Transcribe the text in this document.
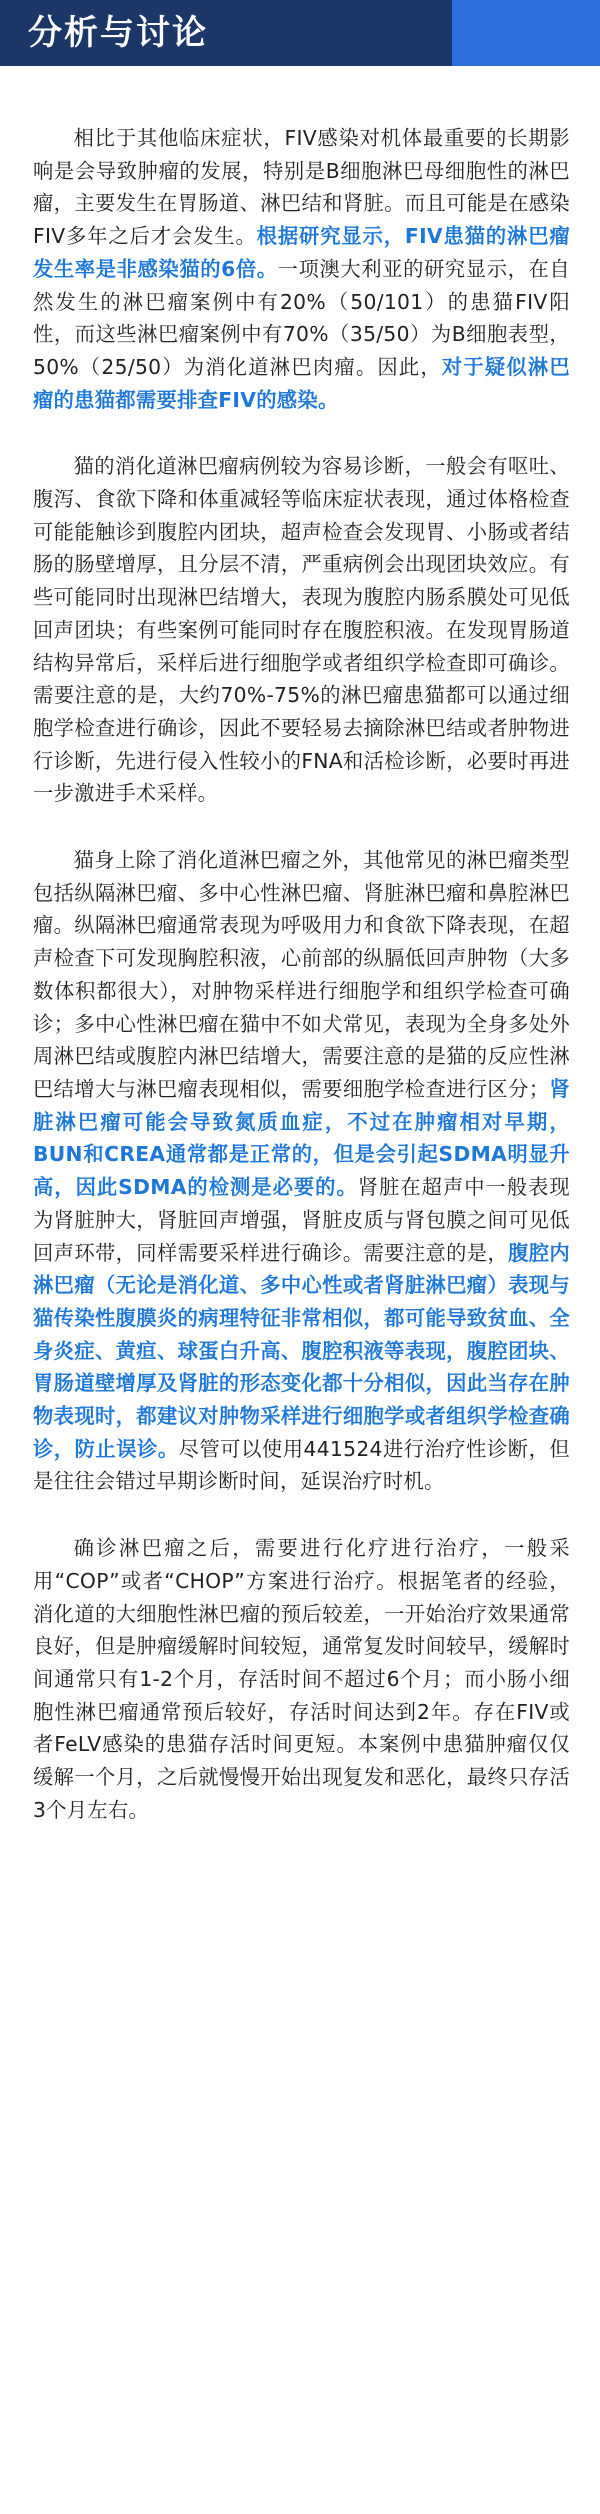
分析与讨论

相比于其他临床症状，FIV感染对机体最重要的长期影响是会导致肿瘤的发展，特别是B细胞淋巴母细胞性的淋巴瘤，主要发生在胃肠道、淋巴结和肾脏。而且可能是在感染FIV多年之后才会发生。根据研究显示，FIV患猫的淋巴瘤发生率是非感染猫的6倍。一项澳大利亚的研究显示，在自然发生的淋巴瘤案例中有20%（50/101）的患猫FIV阳性，而这些淋巴瘤案例中有70%（35/50）为B细胞表型，50%（25/50）为消化道淋巴肉瘤。因此，对于疑似淋巴瘤的患猫都需要排查FIV的感染。

猫的消化道淋巴瘤病例较为容易诊断，一般会有呕吐、腹泻、食欲下降和体重减轻等临床症状表现，通过体格检查可能能触诊到腹腔内团块，超声检查会发现胃、小肠或者结肠的肠壁增厚，且分层不清，严重病例会出现团块效应。有些可能同时出现淋巴结增大，表现为腹腔内肠系膜处可见低回声团块；有些案例可能同时存在腹腔积液。在发现胃肠道结构异常后，采样后进行细胞学或者组织学检查即可确诊。需要注意的是，大约70%-75%的淋巴瘤患猫都可以通过细胞学检查进行确诊，因此不要轻易去摘除淋巴结或者肿物进行诊断，先进行侵入性较小的FNA和活检诊断，必要时再进一步激进手术采样。

猫身上除了消化道淋巴瘤之外，其他常见的淋巴瘤类型包括纵隔淋巴瘤、多中心性淋巴瘤、肾脏淋巴瘤和鼻腔淋巴瘤。纵隔淋巴瘤通常表现为呼吸用力和食欲下降表现，在超声检查下可发现胸腔积液，心前部的纵膈低回声肿物（大多数体积都很大），对肿物采样进行细胞学和组织学检查可确诊；多中心性淋巴瘤在猫中不如犬常见，表现为全身多处外周淋巴结或腹腔内淋巴结增大，需要注意的是猫的反应性淋巴结增大与淋巴瘤表现相似，需要细胞学检查进行区分；肾脏淋巴瘤可能会导致氮质血症，不过在肿瘤相对早期，BUN和CREA通常都是正常的，但是会引起SDMA明显升高，因此SDMA的检测是必要的。肾脏在超声中一般表现为肾脏肿大，肾脏回声增强，肾脏皮质与肾包膜之间可见低回声环带，同样需要采样进行确诊。需要注意的是，腹腔内淋巴瘤（无论是消化道、多中心性或者肾脏淋巴瘤）表现与猫传染性腹膜炎的病理特征非常相似，都可能导致贫血、全身炎症、黄疸、球蛋白升高、腹腔积液等表现，腹腔团块、胃肠道壁增厚及肾脏的形态变化都十分相似，因此当存在肿物表现时，都建议对肿物采样进行细胞学或者组织学检查确诊，防止误诊。尽管可以使用441524进行治疗性诊断，但是往往会错过早期诊断时间，延误治疗时机。

确诊淋巴瘤之后，需要进行化疗进行治疗，一般采用“COP”或者“CHOP”方案进行治疗。根据笔者的经验，消化道的大细胞性淋巴瘤的预后较差，一开始治疗效果通常良好，但是肿瘤缓解时间较短，通常复发时间较早，缓解时间通常只有1-2个月，存活时间不超过6个月；而小肠小细胞性淋巴瘤通常预后较好，存活时间达到2年。存在FIV或者FeLV感染的患猫存活时间更短。本案例中患猫肿瘤仅仅缓解一个月，之后就慢慢开始出现复发和恶化，最终只存活3个月左右。
